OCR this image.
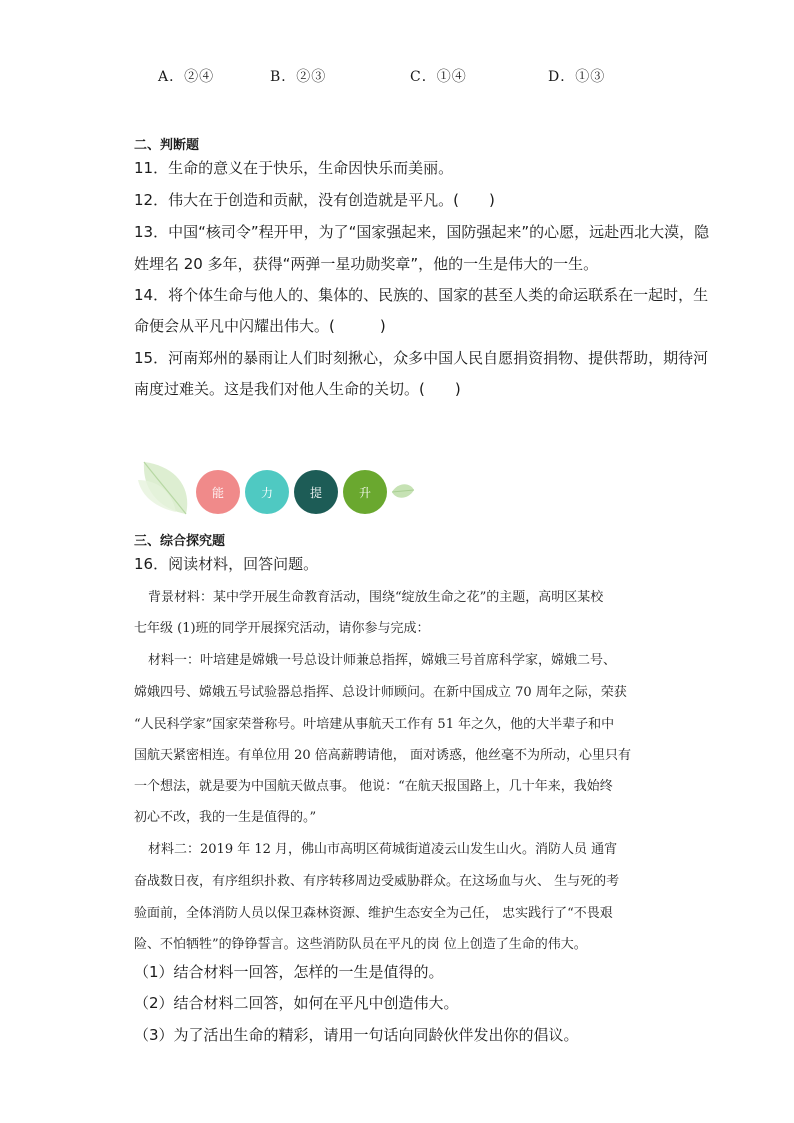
A．②④	B．②③	C．①④	D．①③
二、判断题
11．生命的意义在于快乐，生命因快乐而美丽。
12．伟大在于创造和贡献，没有创造就是平凡。(　　)
13．中国“核司令”程开甲，为了“国家强起来，国防强起来”的心愿，远赴西北大漠，隐
姓埋名 20 多年，获得“两弹一星功勋奖章”，他的一生是伟大的一生。
14．将个体生命与他人的、集体的、民族的、国家的甚至人类的命运联系在一起时，生
命便会从平凡中闪耀出伟大。(　　　)
15．河南郑州的暴雨让人们时刻揪心，众多中国人民自愿捐资捐物、提供帮助，期待河
南度过难关。这是我们对他人生命的关切。(　　)
能	力	提	升
三、综合探究题
16．阅读材料，回答问题。
背景材料：某中学开展生命教育活动，围绕“绽放生命之花”的主题，高明区某校
七年级 (1)班的同学开展探究活动，请你参与完成：
材料一：叶培建是嫦娥一号总设计师兼总指挥，嫦娥三号首席科学家，嫦娥二号、
嫦娥四号、嫦娥五号试验器总指挥、总设计师顾问。在新中国成立 70 周年之际，荣获
“人民科学家”国家荣誉称号。叶培建从事航天工作有 51 年之久，他的大半辈子和中
国航天紧密相连。有单位用 20 倍高薪聘请他， 面对诱惑，他丝毫不为所动，心里只有
一个想法，就是要为中国航天做点事。 他说：“在航天报国路上，几十年来，我始终
初心不改，我的一生是值得的。”
材料二：2019 年 12 月，佛山市高明区荷城街道凌云山发生山火。消防人员 通宵
奋战数日夜，有序组织扑救、有序转移周边受威胁群众。在这场血与火、 生与死的考
验面前，全体消防人员以保卫森林资源、维护生态安全为己任， 忠实践行了“不畏艰
险、不怕牺牲”的铮铮誓言。这些消防队员在平凡的岗 位上创造了生命的伟大。
（1）结合材料一回答，怎样的一生是值得的。
（2）结合材料二回答，如何在平凡中创造伟大。
（3）为了活出生命的精彩，请用一句话向同龄伙伴发出你的倡议。
